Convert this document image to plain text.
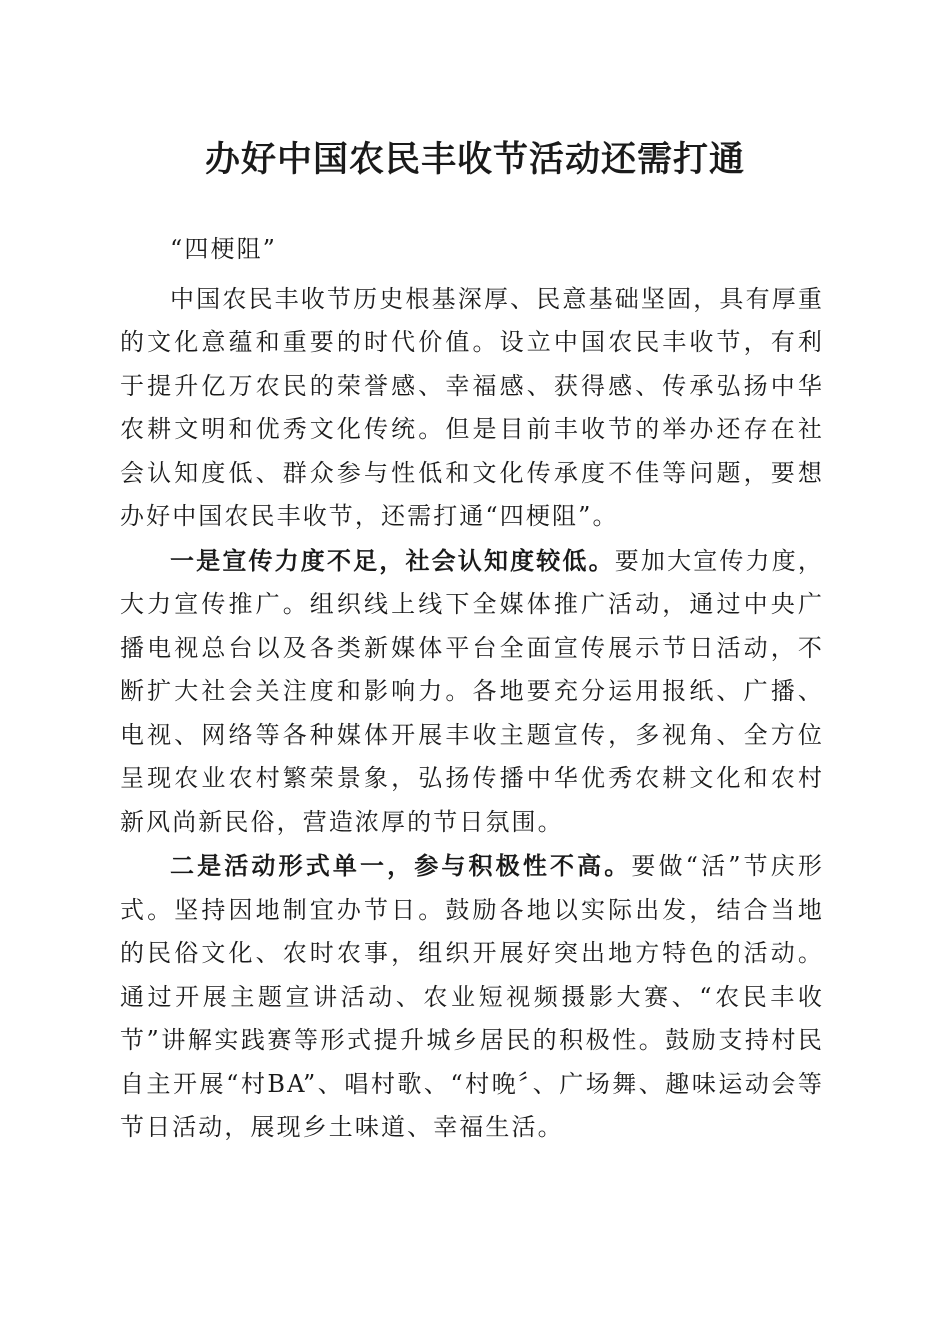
办好中国农民丰收节活动还需打通

“四梗阻”

中国农民丰收节历史根基深厚、民意基础坚固，具有厚重的文化意蕴和重要的时代价值。设立中国农民丰收节，有利于提升亿万农民的荣誉感、幸福感、获得感、传承弘扬中华农耕文明和优秀文化传统。但是目前丰收节的举办还存在社会认知度低、群众参与性低和文化传承度不佳等问题，要想办好中国农民丰收节，还需打通“四梗阻”。

一是宣传力度不足，社会认知度较低。要加大宣传力度，大力宣传推广。组织线上线下全媒体推广活动，通过中央广播电视总台以及各类新媒体平台全面宣传展示节日活动，不断扩大社会关注度和影响力。各地要充分运用报纸、广播、电视、网络等各种媒体开展丰收主题宣传，多视角、全方位呈现农业农村繁荣景象，弘扬传播中华优秀农耕文化和农村新风尚新民俗，营造浓厚的节日氛围。

二是活动形式单一，参与积极性不高。要做“活”节庆形式。坚持因地制宜办节日。鼓励各地以实际出发，结合当地的民俗文化、农时农事，组织开展好突出地方特色的活动。通过开展主题宣讲活动、农业短视频摄影大赛、“农民丰收节”讲解实践赛等形式提升城乡居民的积极性。鼓励支持村民自主开展“村BA”、唱村歌、“村晚〞、广场舞、趣味运动会等节日活动，展现乡土味道、幸福生活。
